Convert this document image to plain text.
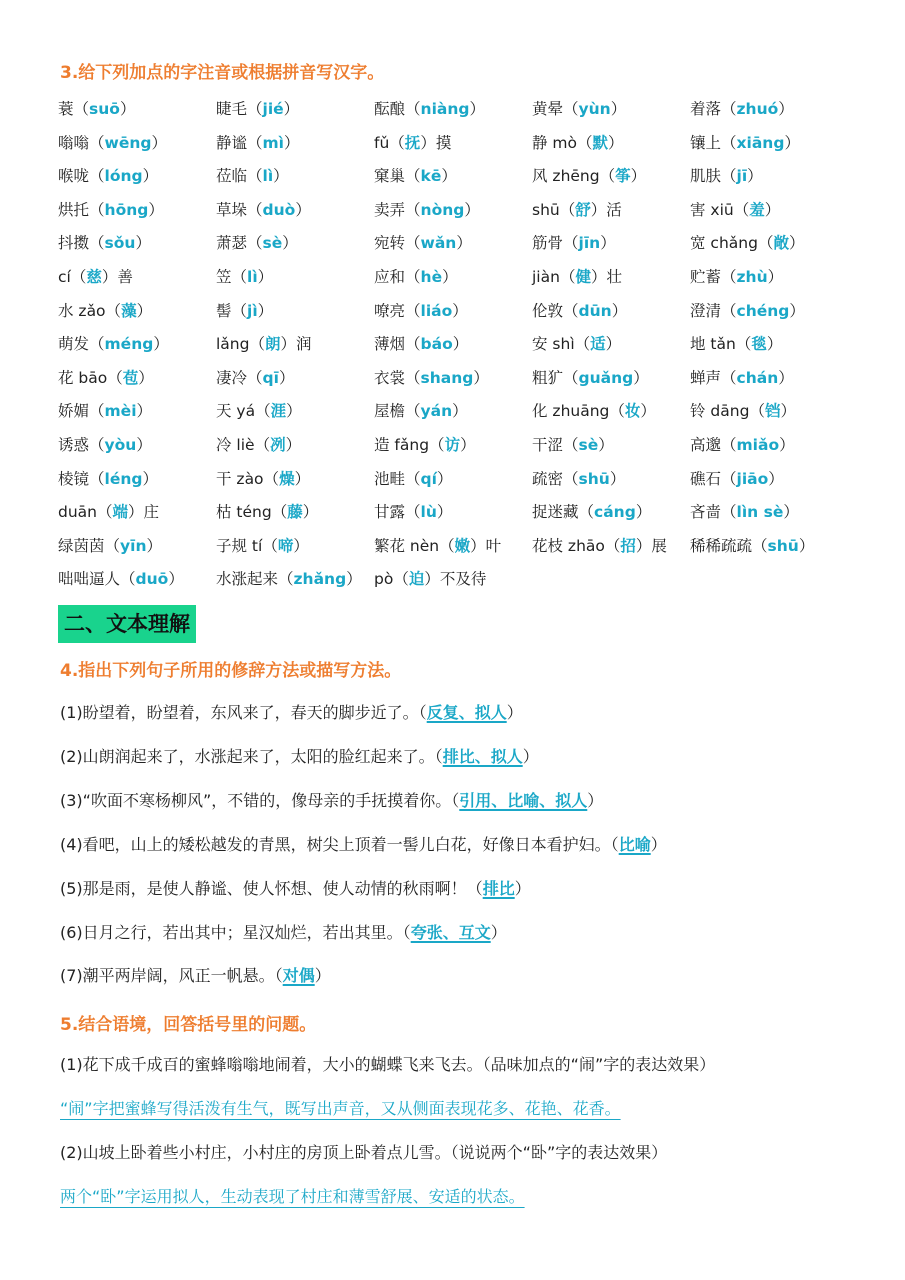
3.给下列加点的字注音或根据拼音写汉字。
蓑（suō）	睫毛（jié）	酝酿（niàng）	黄晕（yùn）	着落（zhuó）
嗡嗡（wēng）	静谧（mì）	fǔ（抚）摸	静 mò（默）	镶上（xiāng）
喉咙（lóng）	莅临（lì）	窠巢（kē）	风 zhēng（筝）	肌肤（jī）
烘托（hōng）	草垛（duò）	卖弄（nòng）	shū（舒）活	害 xiū（羞）
抖擞（sǒu）	萧瑟（sè）	宛转（wǎn）	筋骨（jīn）	宽 chǎng（敞）
cí（慈）善	笠（lì）	应和（hè）	jiàn（健）壮	贮蓄（zhù）
水 zǎo（藻）	髻（jì）	嘹亮（liáo）	伦敦（dūn）	澄清（chéng）
萌发（méng）	lǎng（朗）润	薄烟（báo）	安 shì（适）	地 tǎn（毯）
花 bāo（苞）	凄冷（qī）	衣裳（shang）	粗犷（guǎng）	蝉声（chán）
娇媚（mèi）	天 yá（涯）	屋檐（yán）	化 zhuāng（妆）	铃 dāng（铛）
诱惑（yòu）	冷 liè（冽）	造 fǎng（访）	干涩（sè）	高邈（miǎo）
棱镜（léng）	干 zào（燥）	池畦（qí）	疏密（shū）	礁石（jiāo）
duān（端）庄	枯 téng（藤）	甘露（lù）	捉迷藏（cáng）	吝啬（lìn sè）
绿茵茵（yīn）	子规 tí（啼）	繁花 nèn（嫩）叶	花枝 zhāo（招）展	稀稀疏疏（shū）
咄咄逼人（duō）	水涨起来（zhǎng） pò（迫）不及待
二、文本理解
4.指出下列句子所用的修辞方法或描写方法。
(1)盼望着，盼望着，东风来了，春天的脚步近了。（反复、拟人）
(2)山朗润起来了，水涨起来了，太阳的脸红起来了。（排比、拟人）
(3)“吹面不寒杨柳风”，不错的，像母亲的手抚摸着你。（引用、比喻、拟人）
(4)看吧，山上的矮松越发的青黑，树尖上顶着一髻儿白花，好像日本看护妇。（比喻）
(5)那是雨，是使人静谧、使人怀想、使人动情的秋雨啊！（排比）
(6)日月之行，若出其中；星汉灿烂，若出其里。（夸张、互文）
(7)潮平两岸阔，风正一帆悬。（对偶）
5.结合语境，回答括号里的问题。
(1)花下成千成百的蜜蜂嗡嗡地闹着，大小的蝴蝶飞来飞去。（品味加点的“闹”字的表达效果）
“闹”字把蜜蜂写得活泼有生气，既写出声音，又从侧面表现花多、花艳、花香。
(2)山坡上卧着些小村庄，小村庄的房顶上卧着点儿雪。（说说两个“卧”字的表达效果）
两个“卧”字运用拟人，生动表现了村庄和薄雪舒展、安适的状态。
